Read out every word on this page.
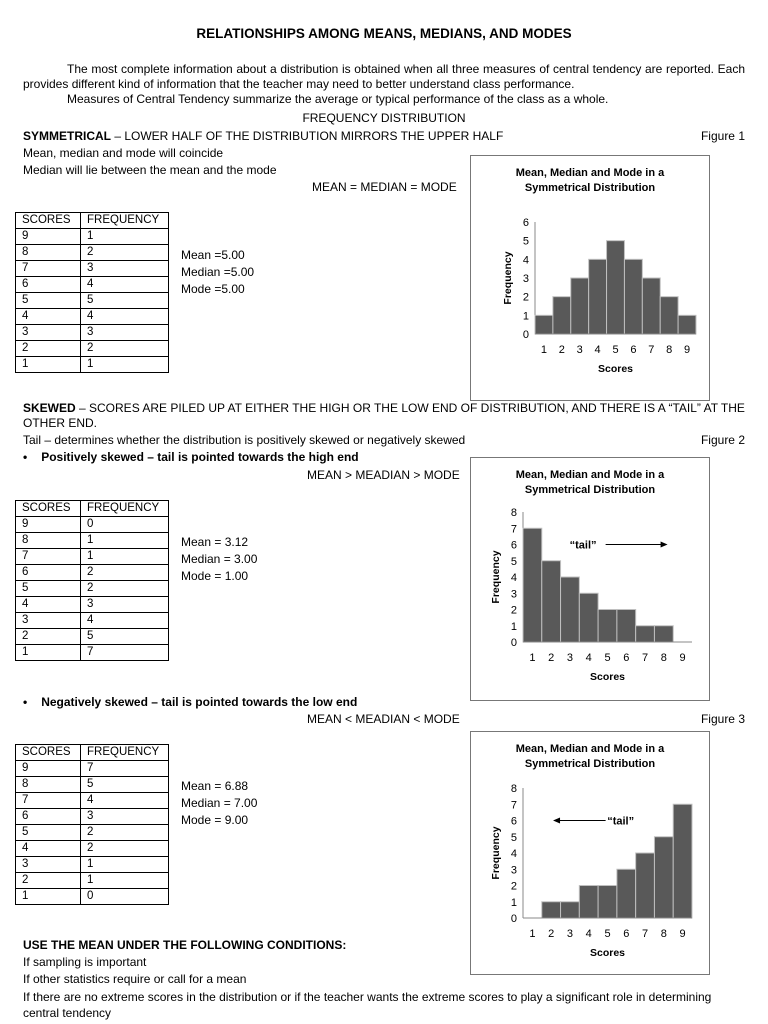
RELATIONSHIPS AMONG MEANS, MEDIANS, AND MODES
The most complete information about a distribution is obtained when all three measures of central tendency are reported. Each provides different kind of information that the teacher may need to better understand class performance.
Measures of Central Tendency summarize the average or typical performance of the class as a whole.
FREQUENCY DISTRIBUTION
SYMMETRICAL – LOWER HALF OF THE DISTRIBUTION MIRRORS THE UPPER HALF	Figure 1
Mean, median and mode will coincide
Median will lie between the mean and the mode
MEAN = MEDIAN = MODE
SCORES	FREQUENCY
9	1
8	2
7	3
6	4
5	5
4	4
3	3
2	2
1	1
Mean =5.00
Median =5.00
Mode =5.00
Mean, Median and Mode in a
Symmetrical Distribution
0
1
2
3
4
5
6
1 2 3 4 5 6 7 8 9
Scores
Frequency
SKEWED – SCORES ARE PILED UP AT EITHER THE HIGH OR THE LOW END OF DISTRIBUTION, AND THERE IS A “TAIL” AT THE OTHER END.
Tail – determines whether the distribution is positively skewed or negatively skewed	Figure 2
• Positively skewed – tail is pointed towards the high end
MEAN > MEADIAN > MODE
SCORES	FREQUENCY
9	0
8	1
7	1
6	2
5	2
4	3
3	4
2	5
1	7
Mean = 3.12
Median = 3.00
Mode = 1.00
Mean, Median and Mode in a
Symmetrical Distribution
0
1
2
3
4
5
6
7
8
1 2 3 4 5 6 7 8 9
Scores
Frequency
“tail”
• Negatively skewed – tail is pointed towards the low end
MEAN < MEADIAN < MODE	Figure 3
SCORES	FREQUENCY
9	7
8	5
7	4
6	3
5	2
4	2
3	1
2	1
1	0
Mean = 6.88
Median = 7.00
Mode = 9.00
Mean, Median and Mode in a
Symmetrical Distribution
0
1
2
3
4
5
6
7
8
1 2 3 4 5 6 7 8 9
Scores
Frequency
“tail”
USE THE MEAN UNDER THE FOLLOWING CONDITIONS:
If sampling is important
If other statistics require or call for a mean
If there are no extreme scores in the distribution or if the teacher wants the extreme scores to play a significant role in determining central tendency
